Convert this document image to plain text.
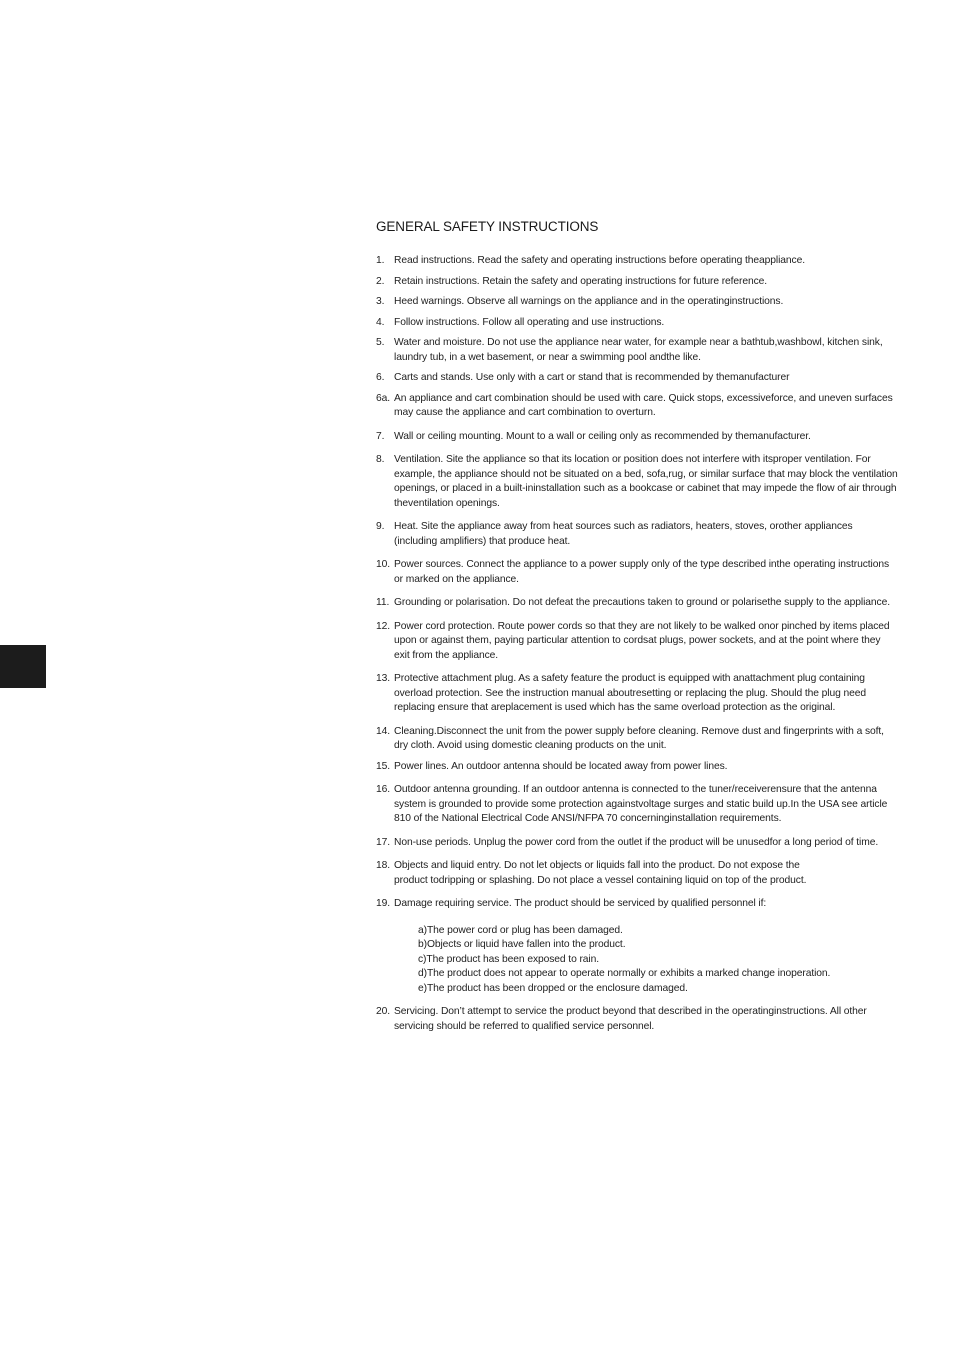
GENERAL SAFETY INSTRUCTIONS
1. Read instructions. Read the safety and operating instructions before operating theappliance.
2. Retain instructions. Retain the safety and operating instructions for future reference.
3. Heed warnings. Observe all warnings on the appliance and in the operatinginstructions.
4. Follow instructions. Follow all operating and use instructions.
5. Water and moisture. Do not use the appliance near water, for example near a bathtub,washbowl, kitchen sink, laundry tub, in a wet basement, or near a swimming pool andthe like.
6. Carts and stands. Use only with a cart or stand that is recommended by themanufacturer
6a. An appliance and cart combination should be used with care. Quick stops, excessiveforce, and uneven surfaces may cause the appliance and cart combination to overturn.
7. Wall or ceiling mounting. Mount to a wall or ceiling only as recommended by themanufacturer.
8. Ventilation. Site the appliance so that its location or position does not interfere with itsproper ventilation. For example, the appliance should not be situated on a bed, sofa,rug, or similar surface that may block the ventilation openings, or placed in a built-ininstallation such as a bookcase or cabinet that may impede the flow of air through theventilation openings.
9. Heat. Site the appliance away from heat sources such as radiators, heaters, stoves, orother appliances (including amplifiers) that produce heat.
10. Power sources. Connect the appliance to a power supply only of the type described inthe operating instructions or marked on the appliance.
11. Grounding or polarisation. Do not defeat the precautions taken to ground or polarisethe supply to the appliance.
12. Power cord protection. Route power cords so that they are not likely to be walked onor pinched by items placed upon or against them, paying particular attention to cordsat plugs, power sockets, and at the point where they exit from the appliance.
13. Protective attachment plug. As a safety feature the product is equipped with anattachment plug containing overload protection. See the instruction manual aboutresetting or replacing the plug. Should the plug need replacing ensure that areplacement is used which has the same overload protection as the original.
14. Cleaning.Disconnect the unit from the power supply before cleaning. Remove dust and fingerprints with a soft, dry cloth. Avoid using domestic cleaning products on the unit.
15. Power lines. An outdoor antenna should be located away from power lines.
16. Outdoor antenna grounding. If an outdoor antenna is connected to the tuner/receiverensure that the antenna system is grounded to provide some protection againstvoltage surges and static build up.In the USA see article 810 of the National Electrical Code ANSI/NFPA 70 concerninginstallation requirements.
17. Non-use periods. Unplug the power cord from the outlet if the product will be unusedfor a long period of time.
18. Objects and liquid entry. Do not let objects or liquids fall into the product. Do not expose the product todripping or splashing. Do not place a vessel containing liquid on top of the product.
19. Damage requiring service. The product should be serviced by qualified personnel if:
a)The power cord or plug has been damaged.
b)Objects or liquid have fallen into the product.
c)The product has been exposed to rain.
d)The product does not appear to operate normally or exhibits a marked change inoperation.
e)The product has been dropped or the enclosure damaged.
20. Servicing. Don’t attempt to service the product beyond that described in the operatinginstructions. All other servicing should be referred to qualified service personnel.
